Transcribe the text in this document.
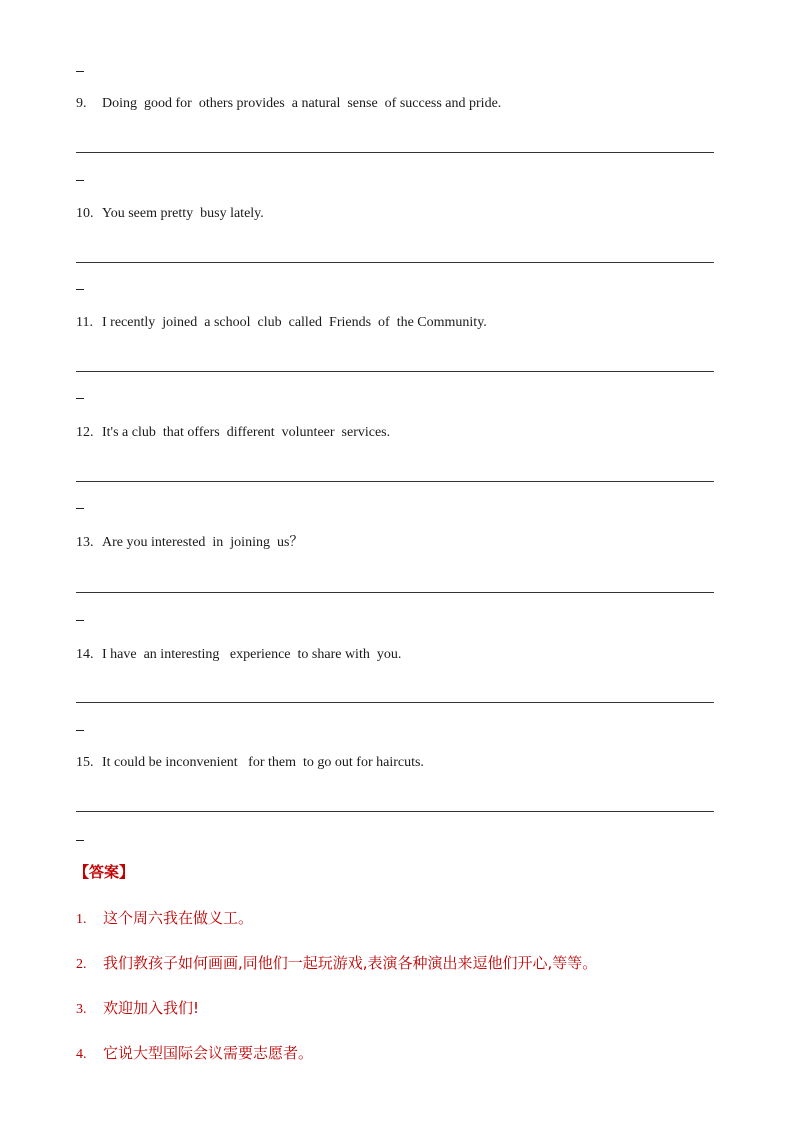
9. Doing  good for  others provides  a natural  sense  of success and pride.
10. You seem pretty  busy lately.
11. I recently  joined  a school  club  called  Friends  of  the Community.
12. It's a club  that offers  different  volunteer  services.
13. Are you interested  in  joining  us？
14. I have  an interesting   experience  to share with  you.
15. It could be inconvenient   for them  to go out for haircuts.
【答案】
1. 这个周六我在做义工。
2. 我们教孩子如何画画,同他们一起玩游戏,表演各种演出来逗他们开心,等等。
3. 欢迎加入我们!
4. 它说大型国际会议需要志愿者。
